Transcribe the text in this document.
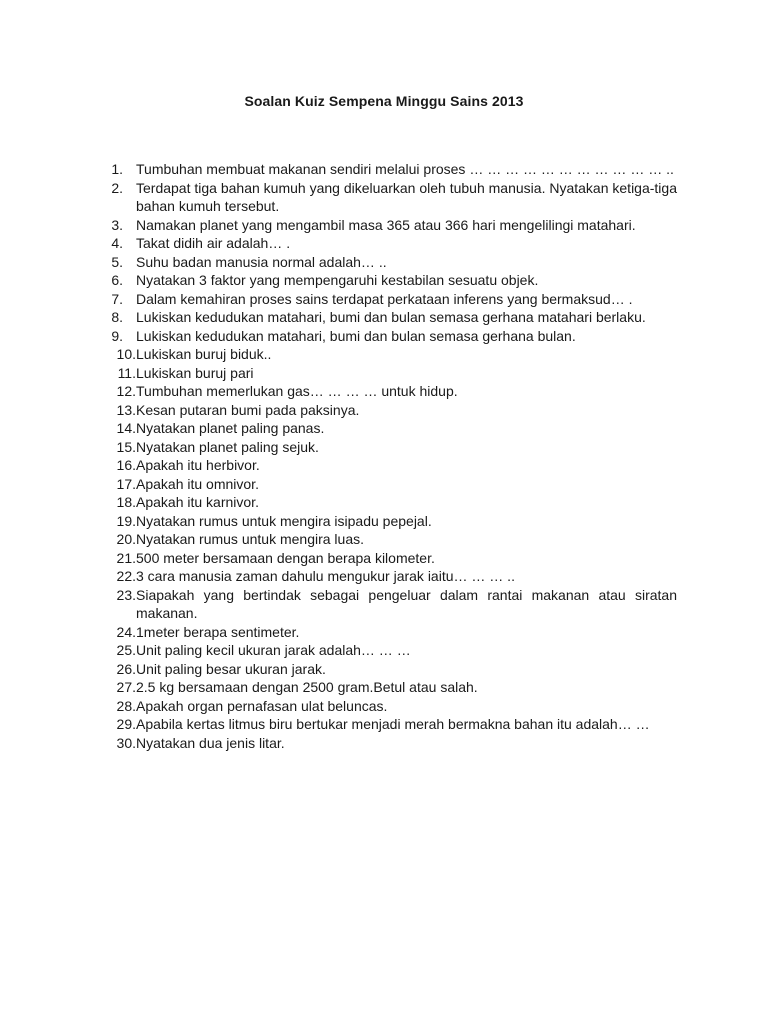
Soalan Kuiz Sempena Minggu Sains 2013
1. Tumbuhan membuat makanan sendiri melalui proses … … … … … … … … … … … ..
2. Terdapat tiga bahan kumuh yang dikeluarkan oleh tubuh manusia. Nyatakan ketiga-tiga bahan kumuh tersebut.
3. Namakan planet yang mengambil masa 365 atau 366 hari mengelilingi matahari.
4. Takat didih air adalah… .
5. Suhu badan manusia normal adalah… ..
6. Nyatakan 3 faktor yang mempengaruhi kestabilan sesuatu objek.
7. Dalam kemahiran proses sains terdapat perkataan inferens yang bermaksud… .
8. Lukiskan kedudukan matahari, bumi dan bulan semasa gerhana matahari berlaku.
9. Lukiskan kedudukan matahari, bumi dan bulan semasa gerhana bulan.
10. Lukiskan buruj biduk..
11. Lukiskan buruj pari
12. Tumbuhan memerlukan gas… … … … untuk hidup.
13. Kesan putaran bumi pada paksinya.
14. Nyatakan planet paling panas.
15. Nyatakan planet paling sejuk.
16. Apakah itu herbivor.
17. Apakah itu omnivor.
18. Apakah itu karnivor.
19. Nyatakan rumus untuk mengira isipadu pepejal.
20. Nyatakan rumus untuk mengira luas.
21. 500 meter bersamaan dengan berapa kilometer.
22. 3 cara manusia zaman dahulu mengukur jarak iaitu… … … ..
23. Siapakah yang bertindak sebagai pengeluar dalam rantai makanan atau siratan makanan.
24. 1meter berapa sentimeter.
25. Unit paling kecil ukuran jarak adalah… … …
26. Unit paling besar ukuran jarak.
27. 2.5 kg bersamaan dengan 2500 gram.Betul atau salah.
28. Apakah organ pernafasan ulat beluncas.
29. Apabila kertas litmus biru bertukar menjadi merah bermakna bahan itu adalah… …
30. Nyatakan dua jenis litar.
